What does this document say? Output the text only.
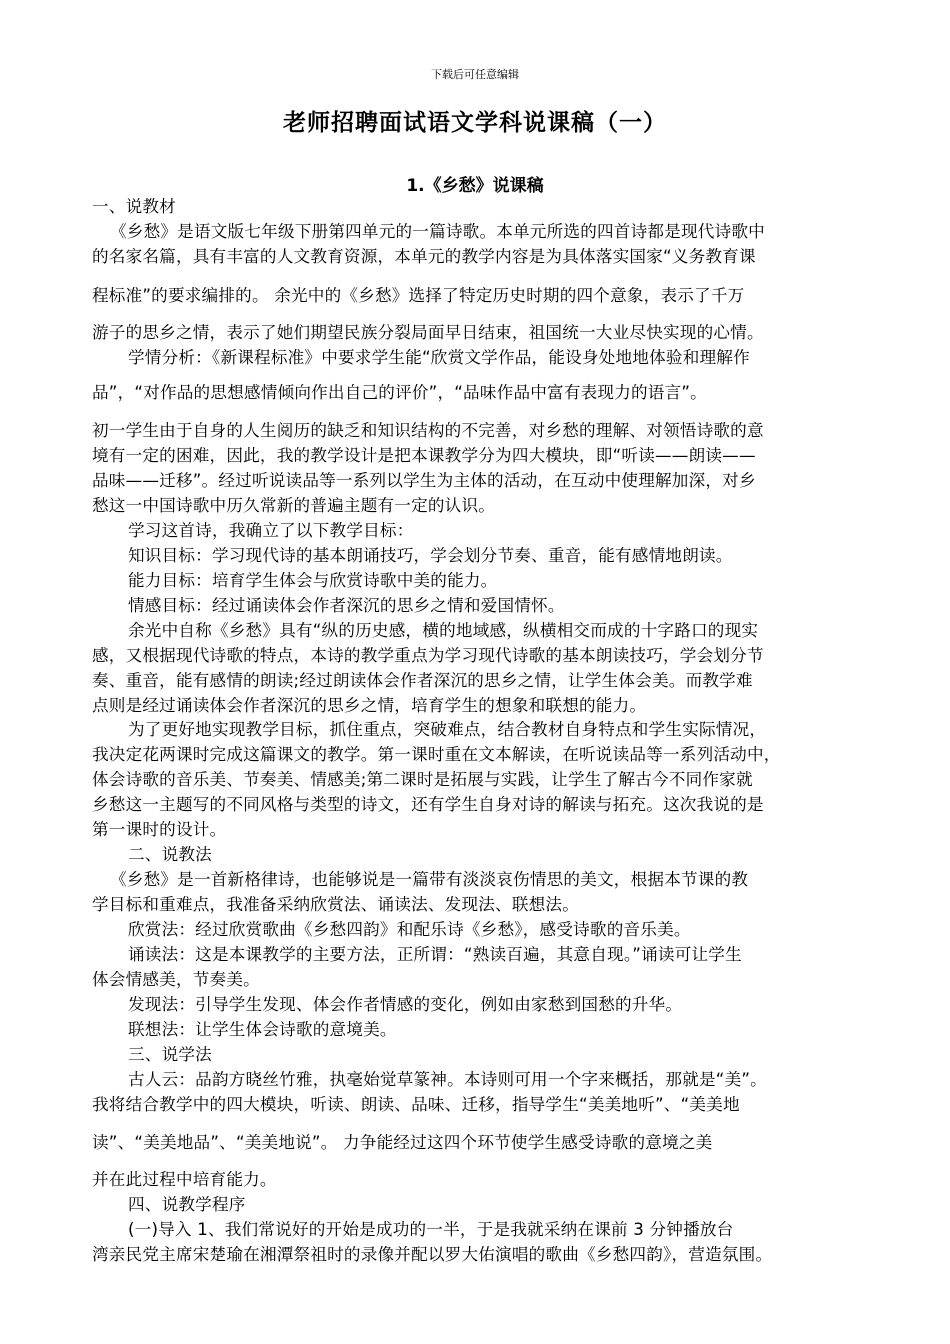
下载后可任意编辑
老师招聘面试语文学科说课稿（一）
1.《乡愁》说课稿
一、说教材
《乡愁》是语文版七年级下册第四单元的一篇诗歌。本单元所选的四首诗都是现代诗歌中
的名家名篇，具有丰富的人文教育资源，本单元的教学内容是为具体落实国家“义务教育课
程标准”的要求编排的。 余光中的《乡愁》选择了特定历史时期的四个意象，表示了千万
游子的思乡之情，表示了她们期望民族分裂局面早日结束，祖国统一大业尽快实现的心情。
学情分析：《新课程标准》中要求学生能“欣赏文学作品，能设身处地地体验和理解作
品”，“对作品的思想感情倾向作出自己的评价”，“品味作品中富有表现力的语言”。
初一学生由于自身的人生阅历的缺乏和知识结构的不完善，对乡愁的理解、对领悟诗歌的意
境有一定的困难，因此，我的教学设计是把本课教学分为四大模块，即“听读——朗读——
品味——迁移”。经过听说读品等一系列以学生为主体的活动，在互动中使理解加深，对乡
愁这一中国诗歌中历久常新的普遍主题有一定的认识。
学习这首诗，我确立了以下教学目标：
知识目标：学习现代诗的基本朗诵技巧，学会划分节奏、重音，能有感情地朗读。
能力目标：培育学生体会与欣赏诗歌中美的能力。
情感目标：经过诵读体会作者深沉的思乡之情和爱国情怀。
余光中自称《乡愁》具有“纵的历史感，横的地域感，纵横相交而成的十字路口的现实
感，又根据现代诗歌的特点，本诗的教学重点为学习现代诗歌的基本朗读技巧，学会划分节
奏、重音，能有感情的朗读;经过朗读体会作者深沉的思乡之情，让学生体会美。而教学难
点则是经过诵读体会作者深沉的思乡之情，培育学生的想象和联想的能力。
为了更好地实现教学目标，抓住重点，突破难点，结合教材自身特点和学生实际情况，
我决定花两课时完成这篇课文的教学。第一课时重在文本解读，在听说读品等一系列活动中，
体会诗歌的音乐美、节奏美、情感美;第二课时是拓展与实践，让学生了解古今不同作家就
乡愁这一主题写的不同风格与类型的诗文，还有学生自身对诗的解读与拓充。这次我说的是
第一课时的设计。
二、说教法
《乡愁》是一首新格律诗，也能够说是一篇带有淡淡哀伤情思的美文，根据本节课的教
学目标和重难点，我准备采纳欣赏法、诵读法、发现法、联想法。
欣赏法：经过欣赏歌曲《乡愁四韵》和配乐诗《乡愁》，感受诗歌的音乐美。
诵读法：这是本课教学的主要方法，正所谓：“熟读百遍，其意自现。”诵读可让学生
体会情感美，节奏美。
发现法：引导学生发现、体会作者情感的变化，例如由家愁到国愁的升华。
联想法：让学生体会诗歌的意境美。
三、说学法
古人云：品韵方晓丝竹雅，执毫始觉草篆神。本诗则可用一个字来概括，那就是“美”。
我将结合教学中的四大模块，听读、朗读、品味、迁移，指导学生“美美地听”、“美美地
读”、“美美地品”、“美美地说”。 力争能经过这四个环节使学生感受诗歌的意境之美
并在此过程中培育能力。
四、说教学程序
(一)导入 1、我们常说好的开始是成功的一半，于是我就采纳在课前 3 分钟播放台
湾亲民党主席宋楚瑜在湘潭祭祖时的录像并配以罗大佑演唱的歌曲《乡愁四韵》，营造氛围。
